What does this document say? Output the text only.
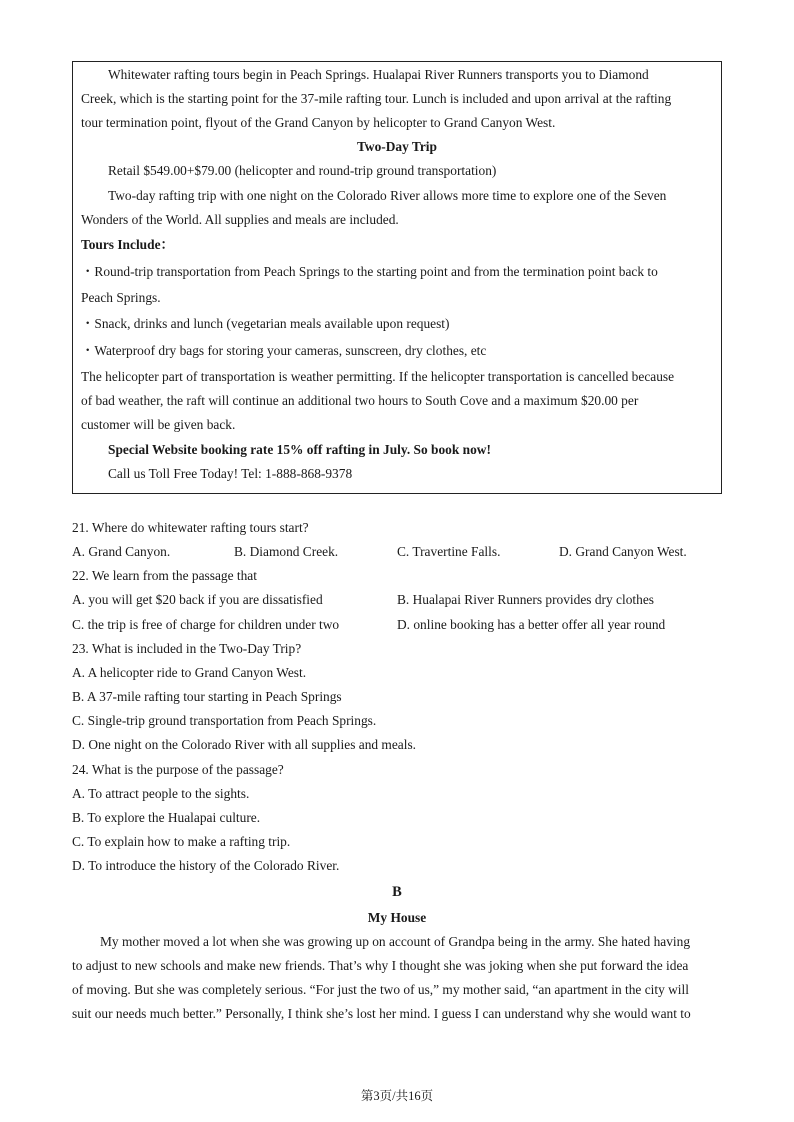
Whitewater rafting tours begin in Peach Springs. Hualapai River Runners transports you to Diamond
Creek, which is the starting point for the 37-mile rafting tour. Lunch is included and upon arrival at the rafting
tour termination point, flyout of the Grand Canyon by helicopter to Grand Canyon West.
Two-Day Trip
Retail $549.00+$79.00 (helicopter and round-trip ground transportation)
Two-day rafting trip with one night on the Colorado River allows more time to explore one of the Seven
Wonders of the World. All supplies and meals are included.
Tours Include：
・Round-trip transportation from Peach Springs to the starting point and from the termination point back to
Peach Springs.
・Snack, drinks and lunch (vegetarian meals available upon request)
・Waterproof dry bags for storing your cameras, sunscreen, dry clothes, etc
The helicopter part of transportation is weather permitting. If the helicopter transportation is cancelled because
of bad weather, the raft will continue an additional two hours to South Cove and a maximum $20.00 per
customer will be given back.
Special Website booking rate 15% off rafting in July. So book now!
Call us Toll Free Today! Tel: 1-888-868-9378
21. Where do whitewater rafting tours start?
A. Grand Canyon.	B. Diamond Creek.	C. Travertine Falls.	D. Grand Canyon West.
22. We learn from the passage that
A. you will get $20 back if you are dissatisfied	B. Hualapai River Runners provides dry clothes
C. the trip is free of charge for children under two	D. online booking has a better offer all year round
23. What is included in the Two-Day Trip?
A. A helicopter ride to Grand Canyon West.
B. A 37-mile rafting tour starting in Peach Springs
C. Single-trip ground transportation from Peach Springs.
D. One night on the Colorado River with all supplies and meals.
24. What is the purpose of the passage?
A. To attract people to the sights.
B. To explore the Hualapai culture.
C. To explain how to make a rafting trip.
D. To introduce the history of the Colorado River.
B
My House
My mother moved a lot when she was growing up on account of Grandpa being in the army. She hated having
to adjust to new schools and make new friends. That’s why I thought she was joking when she put forward the idea
of moving. But she was completely serious. “For just the two of us,” my mother said, “an apartment in the city will
suit our needs much better.” Personally, I think she’s lost her mind. I guess I can understand why she would want to
第3页/共16页
